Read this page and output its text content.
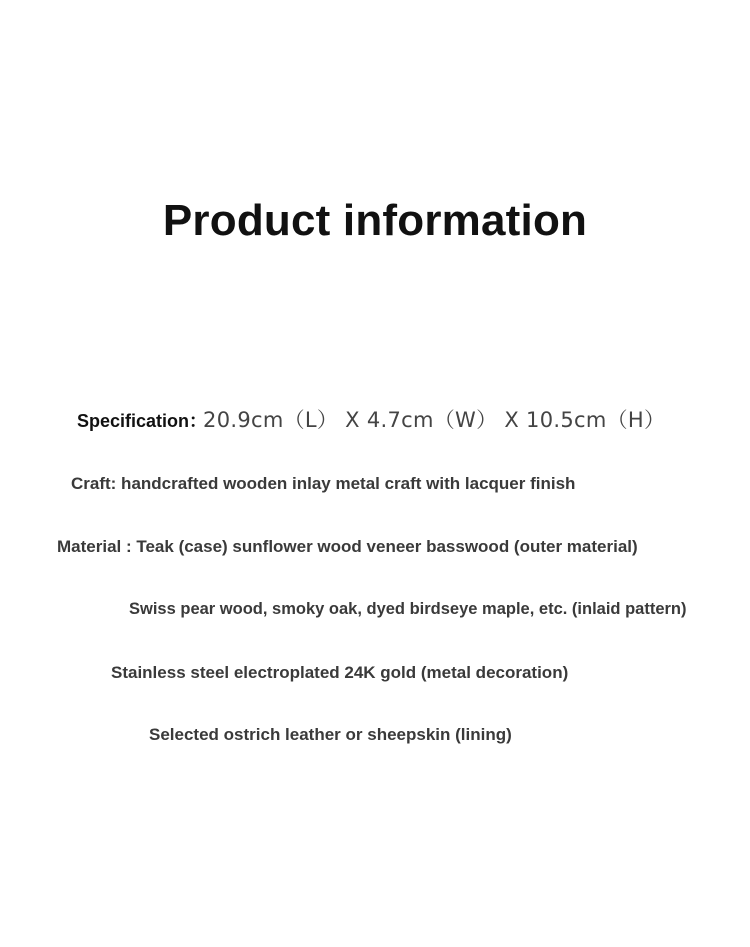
Product information
Specification：
20.9cm（L） X 4.7cm（W） X 10.5cm（H）
Craft: handcrafted wooden inlay metal craft with lacquer finish
Material : Teak (case) sunflower wood veneer basswood (outer material)
Swiss pear wood, smoky oak, dyed birdseye maple, etc. (inlaid pattern)
Stainless steel electroplated 24K gold (metal decoration)
Selected ostrich leather or sheepskin (lining)
